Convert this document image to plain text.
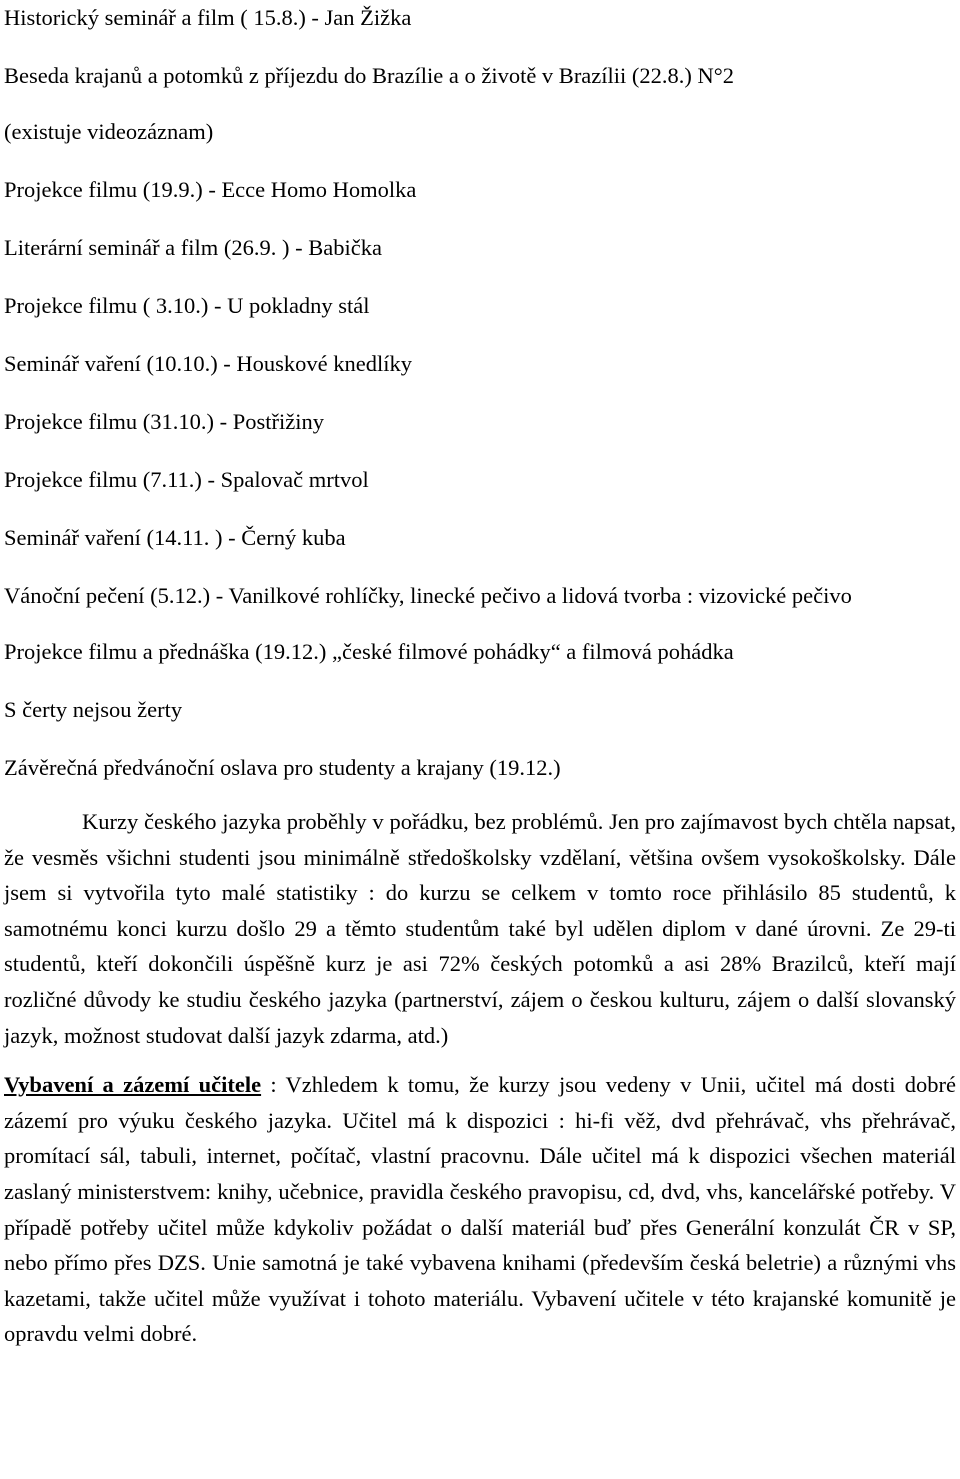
Historický seminář a film ( 15.8.) - Jan Žižka

Beseda krajanů a potomků z příjezdu do Brazílie a o životě v Brazílii (22.8.) N°2

(existuje videozáznam)

Projekce filmu (19.9.) - Ecce Homo Homolka

Literární seminář a film (26.9. ) - Babička

Projekce filmu ( 3.10.) - U pokladny stál

Seminář vaření (10.10.) - Houskové knedlíky

Projekce filmu (31.10.) - Postřižiny

Projekce filmu (7.11.) - Spalovač mrtvol

Seminář vaření (14.11. ) - Černý kuba

Vánoční pečení (5.12.) - Vanilkové rohlíčky, linecké pečivo a lidová tvorba : vizovické pečivo

Projekce filmu a přednáška (19.12.) „české filmové pohádky“ a filmová pohádka

S čerty nejsou žerty

Závěrečná předvánoční oslava pro studenty a krajany (19.12.)

Kurzy českého jazyka proběhly v pořádku, bez problémů. Jen pro zajímavost bych chtěla napsat, že vesměs všichni studenti jsou minimálně středoškolsky vzdělaní, většina ovšem vysokoškolsky. Dále jsem si vytvořila tyto malé statistiky : do kurzu se celkem v tomto roce přihlásilo 85 studentů, k samotnému konci kurzu došlo 29 a těmto studentům také byl udělen diplom v dané úrovni. Ze 29-ti studentů, kteří dokončili úspěšně kurz je asi 72% českých potomků a asi 28% Brazilců, kteří mají rozličné důvody ke studiu českého jazyka (partnerství, zájem o českou kulturu, zájem o další slovanský jazyk, možnost studovat další jazyk zdarma, atd.)

Vybavení a zázemí učitele : Vzhledem k tomu, že kurzy jsou vedeny v Unii, učitel má dosti dobré zázemí pro výuku českého jazyka. Učitel má k dispozici : hi-fi věž, dvd přehrávač, vhs přehrávač, promítací sál, tabuli, internet, počítač, vlastní pracovnu. Dále učitel má k dispozici všechen materiál zaslaný ministerstvem: knihy, učebnice, pravidla českého pravopisu, cd, dvd, vhs, kancelářské potřeby. V případě potřeby učitel může kdykoliv požádat o další materiál buď přes Generální konzulát ČR v SP, nebo přímo přes DZS. Unie samotná je také vybavena knihami (především česká beletrie) a různými vhs kazetami, takže učitel může využívat i tohoto materiálu. Vybavení učitele v této krajanské komunitě je opravdu velmi dobré.
